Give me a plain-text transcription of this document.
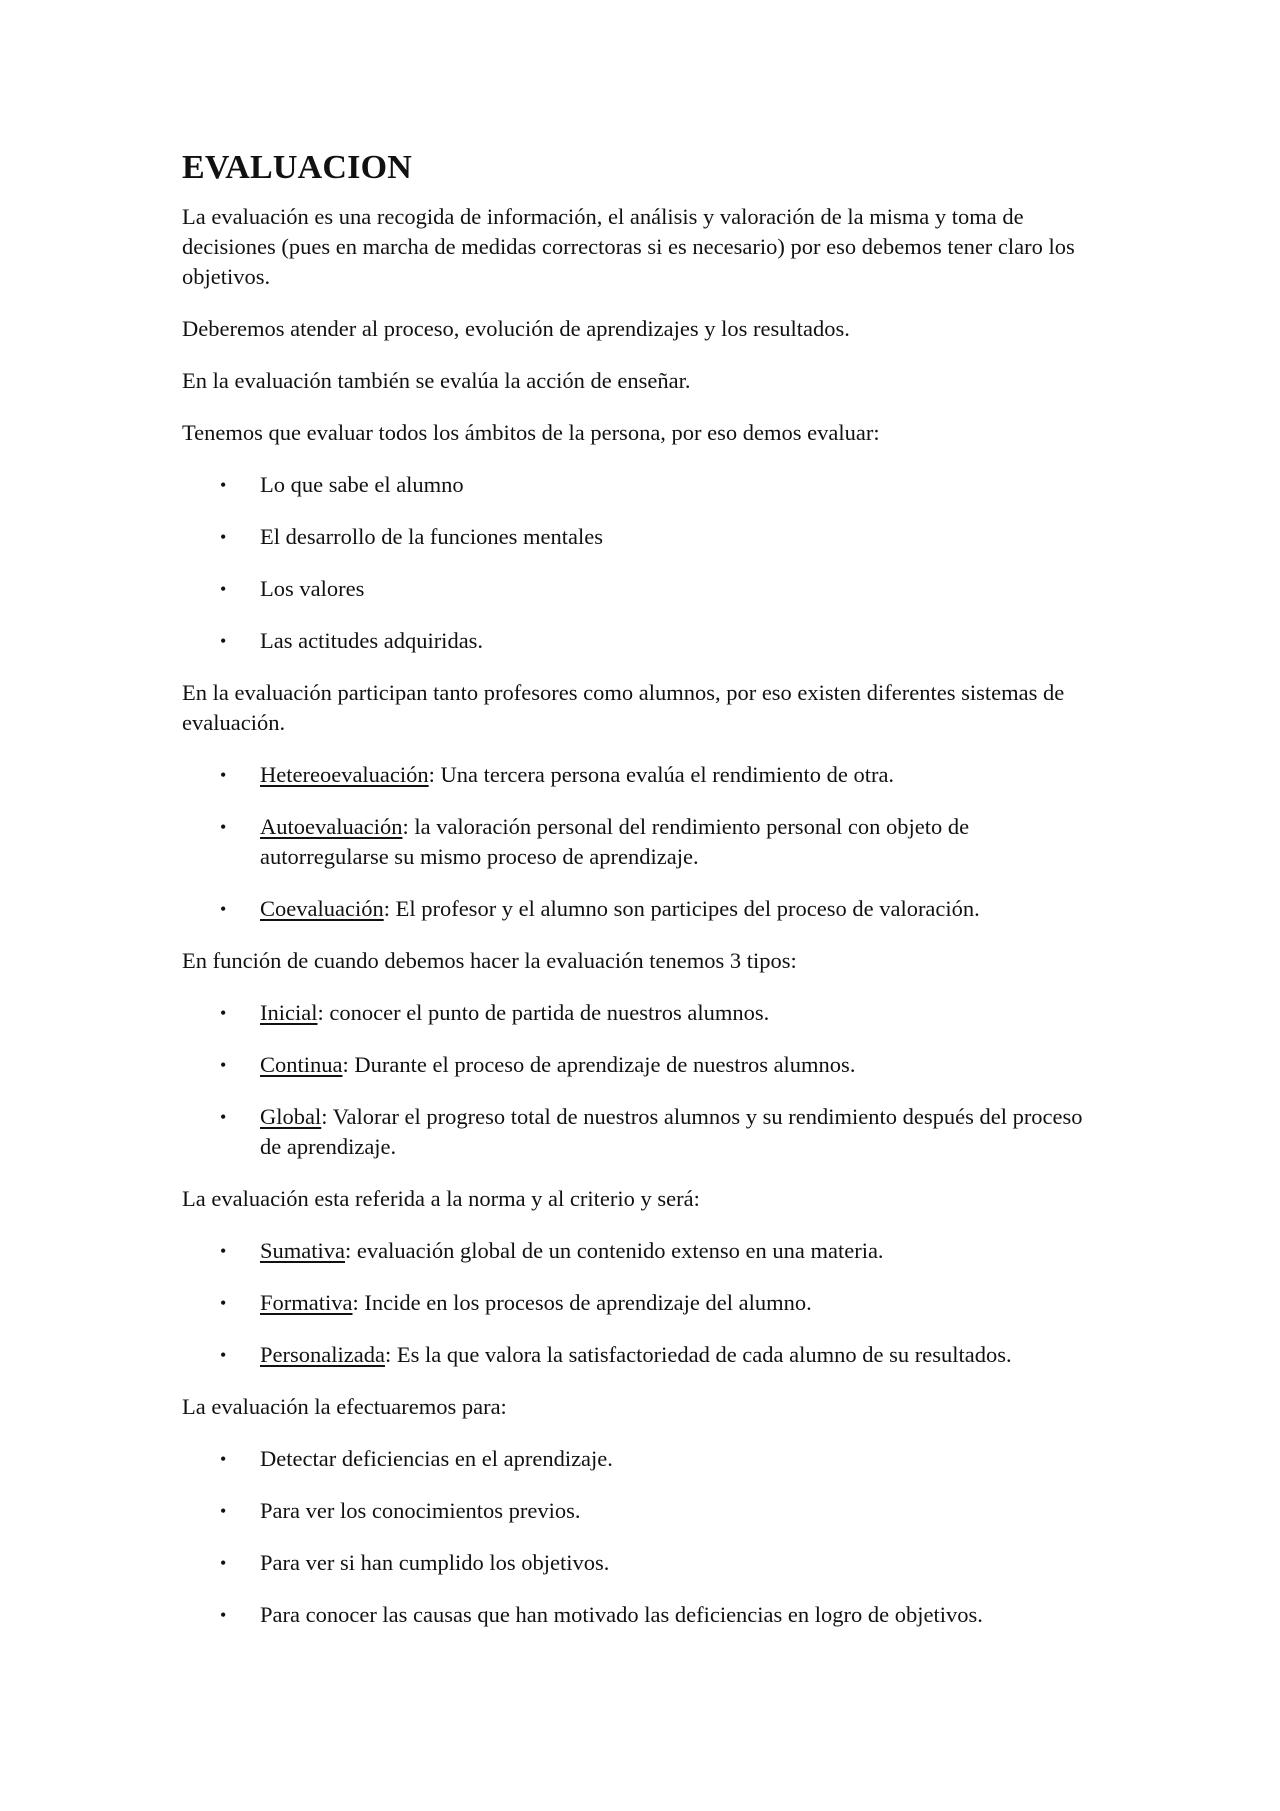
EVALUACION

La evaluación es una recogida de información, el análisis y valoración de la misma y toma de decisiones (pues en marcha de medidas correctoras si es necesario) por eso debemos tener claro los objetivos.

Deberemos atender al proceso, evolución de aprendizajes y los resultados.

En la evaluación también se evalúa la acción de enseñar.

Tenemos que evaluar todos los ámbitos de la persona, por eso demos evaluar:

• Lo que sabe el alumno
• El desarrollo de la funciones mentales
• Los valores
• Las actitudes adquiridas.

En la evaluación participan tanto profesores como alumnos, por eso existen diferentes sistemas de evaluación.

• Hetereoevaluación: Una tercera persona evalúa el rendimiento de otra.
• Autoevaluación: la valoración personal del rendimiento personal con objeto de autorregularse su mismo proceso de aprendizaje.
• Coevaluación: El profesor y el alumno son participes del proceso de valoración.

En función de cuando debemos hacer la evaluación tenemos 3 tipos:

• Inicial: conocer el punto de partida de nuestros alumnos.
• Continua: Durante el proceso de aprendizaje de nuestros alumnos.
• Global: Valorar el progreso total de nuestros alumnos y su rendimiento después del proceso de aprendizaje.

La evaluación esta referida a la norma y al criterio y será:

• Sumativa: evaluación global de un contenido extenso en una materia.
• Formativa: Incide en los procesos de aprendizaje del alumno.
• Personalizada: Es la que valora la satisfactoriedad de cada alumno de su resultados.

La evaluación la efectuaremos para:

• Detectar deficiencias en el aprendizaje.
• Para ver los conocimientos previos.
• Para ver si han cumplido los objetivos.
• Para conocer las causas que han motivado las deficiencias en logro de objetivos.
